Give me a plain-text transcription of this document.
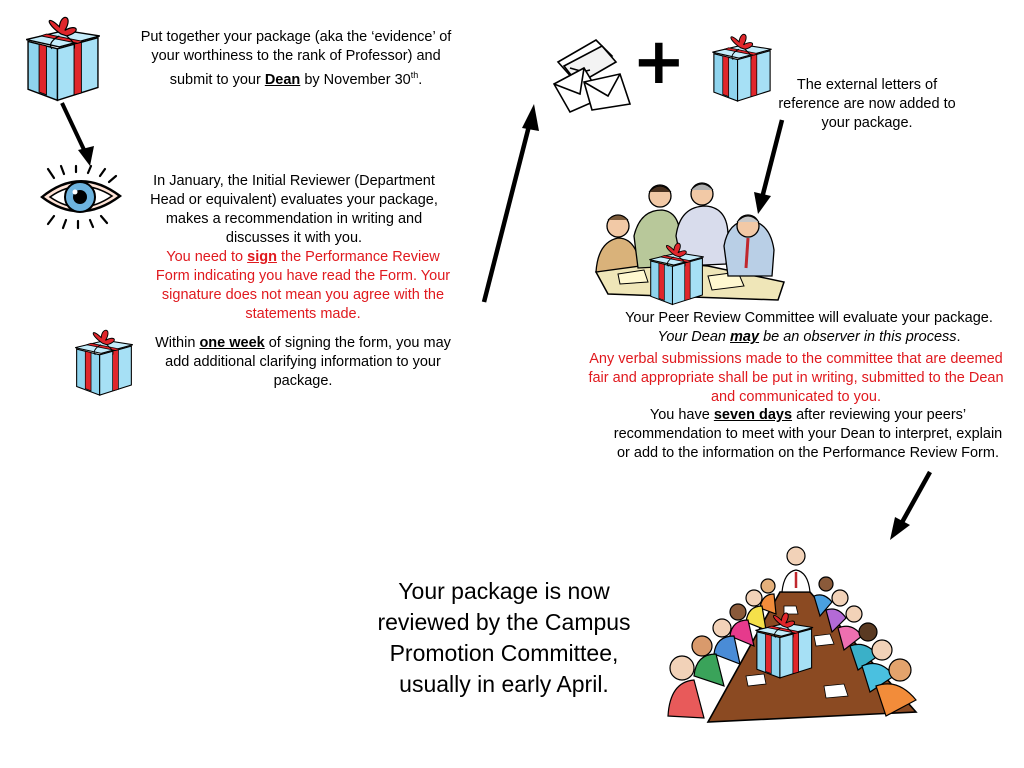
Put together your package (aka the ‘evidence’ of your worthiness to the rank of Professor) and submit to your Dean by November 30th.
In January, the Initial Reviewer (Department Head or equivalent) evaluates your package, makes a recommendation in writing and discusses it with you.
You need to sign the Performance Review Form indicating you have read the Form. Your signature does not mean you agree with the statements made.
Within one week of signing the form, you may add additional clarifying information to your package.
+	The external letters of reference are now added to your package.
Your Peer Review Committee will evaluate your package.
Your Dean may be an observer in this process.
Any verbal submissions made to the committee that are deemed fair and appropriate shall be put in writing, submitted to the Dean and communicated to you.
You have seven days after reviewing your peers’ recommendation to meet with your Dean to interpret, explain or add to the information on the Performance Review Form.
Your package is now reviewed by the Campus Promotion Committee, usually in early April.
